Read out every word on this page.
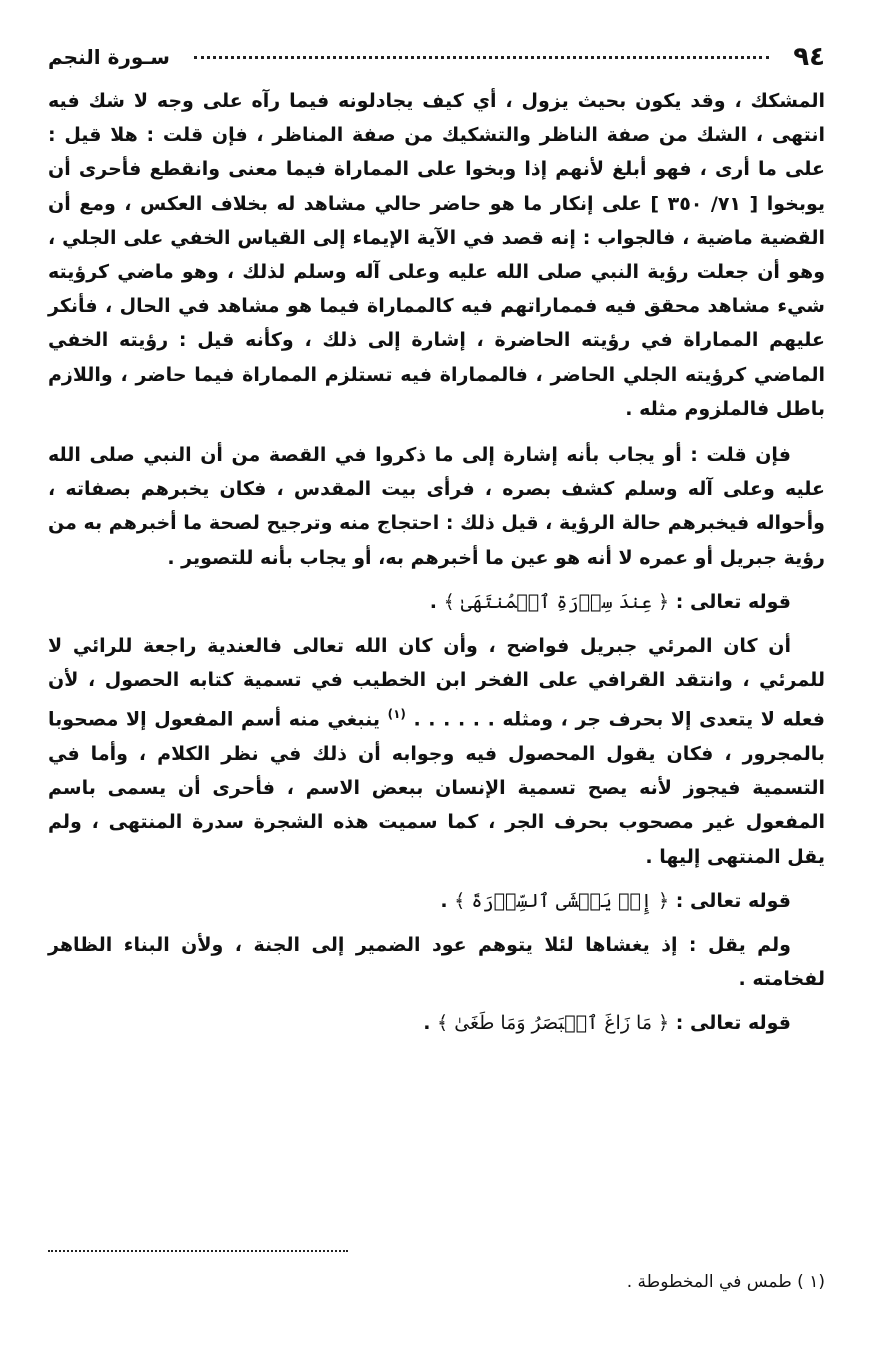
٩٤
سـورة النجم

المشكك ، وقد يكون بحيث يزول ، أي كيف يجادلونه فيما رآه على وجه لا شك فيه انتهى ، الشك من صفة الناظر والتشكيك من صفة المناظر ، فإن قلت : هلا قيل : على ما أرى ، فهو أبلغ لأنهم إذا وبخوا على المماراة فيما معنى وانقطع فأحرى أن يوبخوا [ ٧١/ ٣٥٠ ] على إنكار ما هو حاضر حالي مشاهد له بخلاف العكس ، ومع أن القضية ماضية ، فالجواب : إنه قصد في الآية الإيماء إلى القياس الخفي على الجلي ، وهو أن جعلت رؤية النبي صلى الله عليه وعلى آله وسلم لذلك ، وهو ماضي كرؤيته شيء مشاهد محقق فيه فمماراتهم فيه كالمماراة فيما هو مشاهد في الحال ، فأنكر عليهم المماراة في رؤيته الحاضرة ، إشارة إلى ذلك ، وكأنه قيل : رؤيته الخفي الماضي كرؤيته الجلي الحاضر ، فالمماراة فيه تستلزم المماراة فيما حاضر ، واللازم باطل فالملزوم مثله .

فإن قلت : أو يجاب بأنه إشارة إلى ما ذكروا في القصة من أن النبي صلى الله عليه وعلى آله وسلم كشف بصره ، فرأى بيت المقدس ، فكان يخبرهم بصفاته ، وأحواله فيخبرهم حالة الرؤية ، قيل ذلك : احتجاج منه وترجيح لصحة ما أخبرهم به من رؤية جبريل أو عمره لا أنه هو عين ما أخبرهم به، أو يجاب بأنه للتصوير .

قوله تعالى : ﴿ عِندَ سِدۡرَةِ ٱلۡمُنتَهَىٰ ﴾ .

أن كان المرئي جبريل فواضح ، وأن كان الله تعالى فالعندية راجعة للرائي لا للمرئي ، وانتقد القرافي على الفخر ابن الخطيب في تسمية كتابه الحصول ، لأن فعله لا يتعدى إلا بحرف جر ، ومثله . . . . . . $^{(١)}$ ينبغي منه أسم المفعول إلا مصحوبا بالمجرور ، فكان يقول المحصول فيه وجوابه أن ذلك في نظر الكلام ، وأما في التسمية فيجوز لأنه يصح تسمية الإنسان ببعض الاسم ، فأحرى أن يسمى باسم المفعول غير مصحوب بحرف الجر ، كما سميت هذه الشجرة سدرة المنتهى ، ولم يقل المنتهى إليها .

قوله تعالى : ﴿ إِذۡ يَغۡشَى ٱلسِّدۡرَةَ ﴾ .

ولم يقل : إذ يغشاها لئلا يتوهم عود الضمير إلى الجنة ، ولأن البناء الظاهر لفخامته .

قوله تعالى : ﴿ مَا زَاغَ ٱلۡبَصَرُ وَمَا طَغَىٰ ﴾ .

(١ ) طمس في المخطوطة .
